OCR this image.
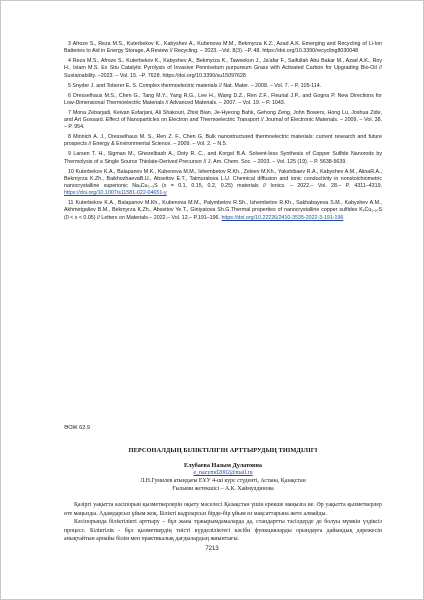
3 Afroze S., Reza M.S., Kuterbekov K., Kabyshev A., Kubenova M.M., Bekmyrza K.Z., Azad A.K. Emerging and Recycling of Li-Ion Batteries to Aid in Energy Storage, A Review // Recycling. – 2023. –Vol. 8(3). –P. 48. https://doi.org/10.3390/recycling8030048

4 Reza M.S., Afroze S., Kuterbekov K., Kabyshev A., Bekmyrza K., Taweekun J., Ja'afar F., Saifullah Abu Bakar M., Azad A.K., Roy H., Islam M.S. Ex Situ Catalytic Pyrolysis of Invasive Pennisetum purpureum Grass with Activated Carbon for Upgrading Bio-Oil // Sustainability. –2023. – Vol. 15. –P. 7628. https://doi.org/10.3390/su15097628

5 Snyder J. and Toberer E. S. Complex thermoelectric materials // Nat. Mater. – 2008. – Vol. 7. – P. 105-114.

6 Dresselhaus M.S., Chen G., Tang M.Y., Yang R.G., Lee H., Wang D.Z., Ren Z.F., Fleurial J.P., and Gogna P. New Directions for Low-Dimensional Thermoelectric Materials // Advanced Materials. – 2007. – Vol. 19. – P. 1043.

7 Mona Zebarjadi, Keivan Esfarjani, Ali Shakouri, Zhixi Bian, Je-Hyeong Bahk, Gehong Zeng, John Bowers, Hong Lu, Joshua Zide, and Art Gossard. Effect of Nanoparticles on Electron and Thermoelectric Transport // Journal of Electronic Materials. – 2009. – Vol. 38. – P. 954.

8 Minnich A. J., Dresselhaus M. S., Ren Z. F., Chen G. Bulk nanostructured thermoelectric materials: current research and future prospects // Energy & Environmental Science. – 2009. – Vol. 2. – N.5.

9 Larsen T. H., Sigman M., Ghezelbash A., Doty R. C., and Korgel B.A. Solvent-less Synthesis of Copper Sulfide Nanorods by Thermolysis of a Single Source Thiolate-Derived Precursor // J. Am. Chem. Soc. – 2003. – Vol. 125 (19). – P. 5638-5639.

10 Kuterbekov K.A., Balapanov M.K., Kubenova M.M., Ishembetov R.Kh., Zeleev M.Kh., Yakshibaev R.A., Kabyshev A.M., AlinaR.A., Bekmyrza K.Zh., BaikhozhaevaB.U., Abseitov E.T., Taimuratova L.U. Chemical diffusion and ionic conductivity in nonstoichiometric nanocrystalline superionic NaₓCu₂₋ₓS (x = 0.1, 0.15, 0.2, 0.25) materials // Ionics. – 2022.– Vol. 28.– P. 4311–4319. https://doi.org/10.1007/s11581-022-04651-y

11 Kuterbekov K.A., Balapanov M.Kh., Kubenova M.M., Palymbetov R.Sh., Ishembetov R.Kh., Sakhabayeva S.M., Kabyshev A.M., Akhmetgaliev B.M., Bekmyrza K.Zh., Abseitov Ye.T., Giniyatova Sh.G.Thermal properties of nanocrystalline copper sulfides KₓCu₁.₉₇S (0 < x < 0.05) // Letters on Materials.– 2022.– Vol. 12.– P.191–196. https://doi.org/10.22226/2410-3535-2022-3-191-196

ӘОЖ 62.9
ПЕРСОНАЛДЫҢ БІЛІКТІЛІГІН АРТТЫРУДЫҢ ТИІМДІЛІГІ
Елубаева Назым Дулатовна
e_nazymd2002@mail.ru
Л.Н.Гумилев атындағы ЕҰУ 4-ші курс студенті, Астана, Қазақстан
Ғылыми жетекшісі – А.К. Хаймулдинова

Қазіргі уақытта кәсіпорын қызметкерлерін оқыту мәселесі Қазақстан үшін ерекше маңызға ие. Әр уақытта қызметкерлер өте маңызды. Адамдарсыз ұйым жоқ. Білікті кадрларсыз бірде-бір ұйым өз мақсаттарына жете алмайды.

Кәсіпорында біліктілікті арттыру – бұл жана тұжырымдамаларда да, стандартты тәсілдерде де болуы мүмкін үздіксіз процесс. Біліктілік - бұл қызметкердің тиісті күрделіліктегі кәсіби функцияларды орындауға дайындық дәрежесін анықтайтын арнайы білім мен практикалық дағдылардың жиынтығы.

7213
